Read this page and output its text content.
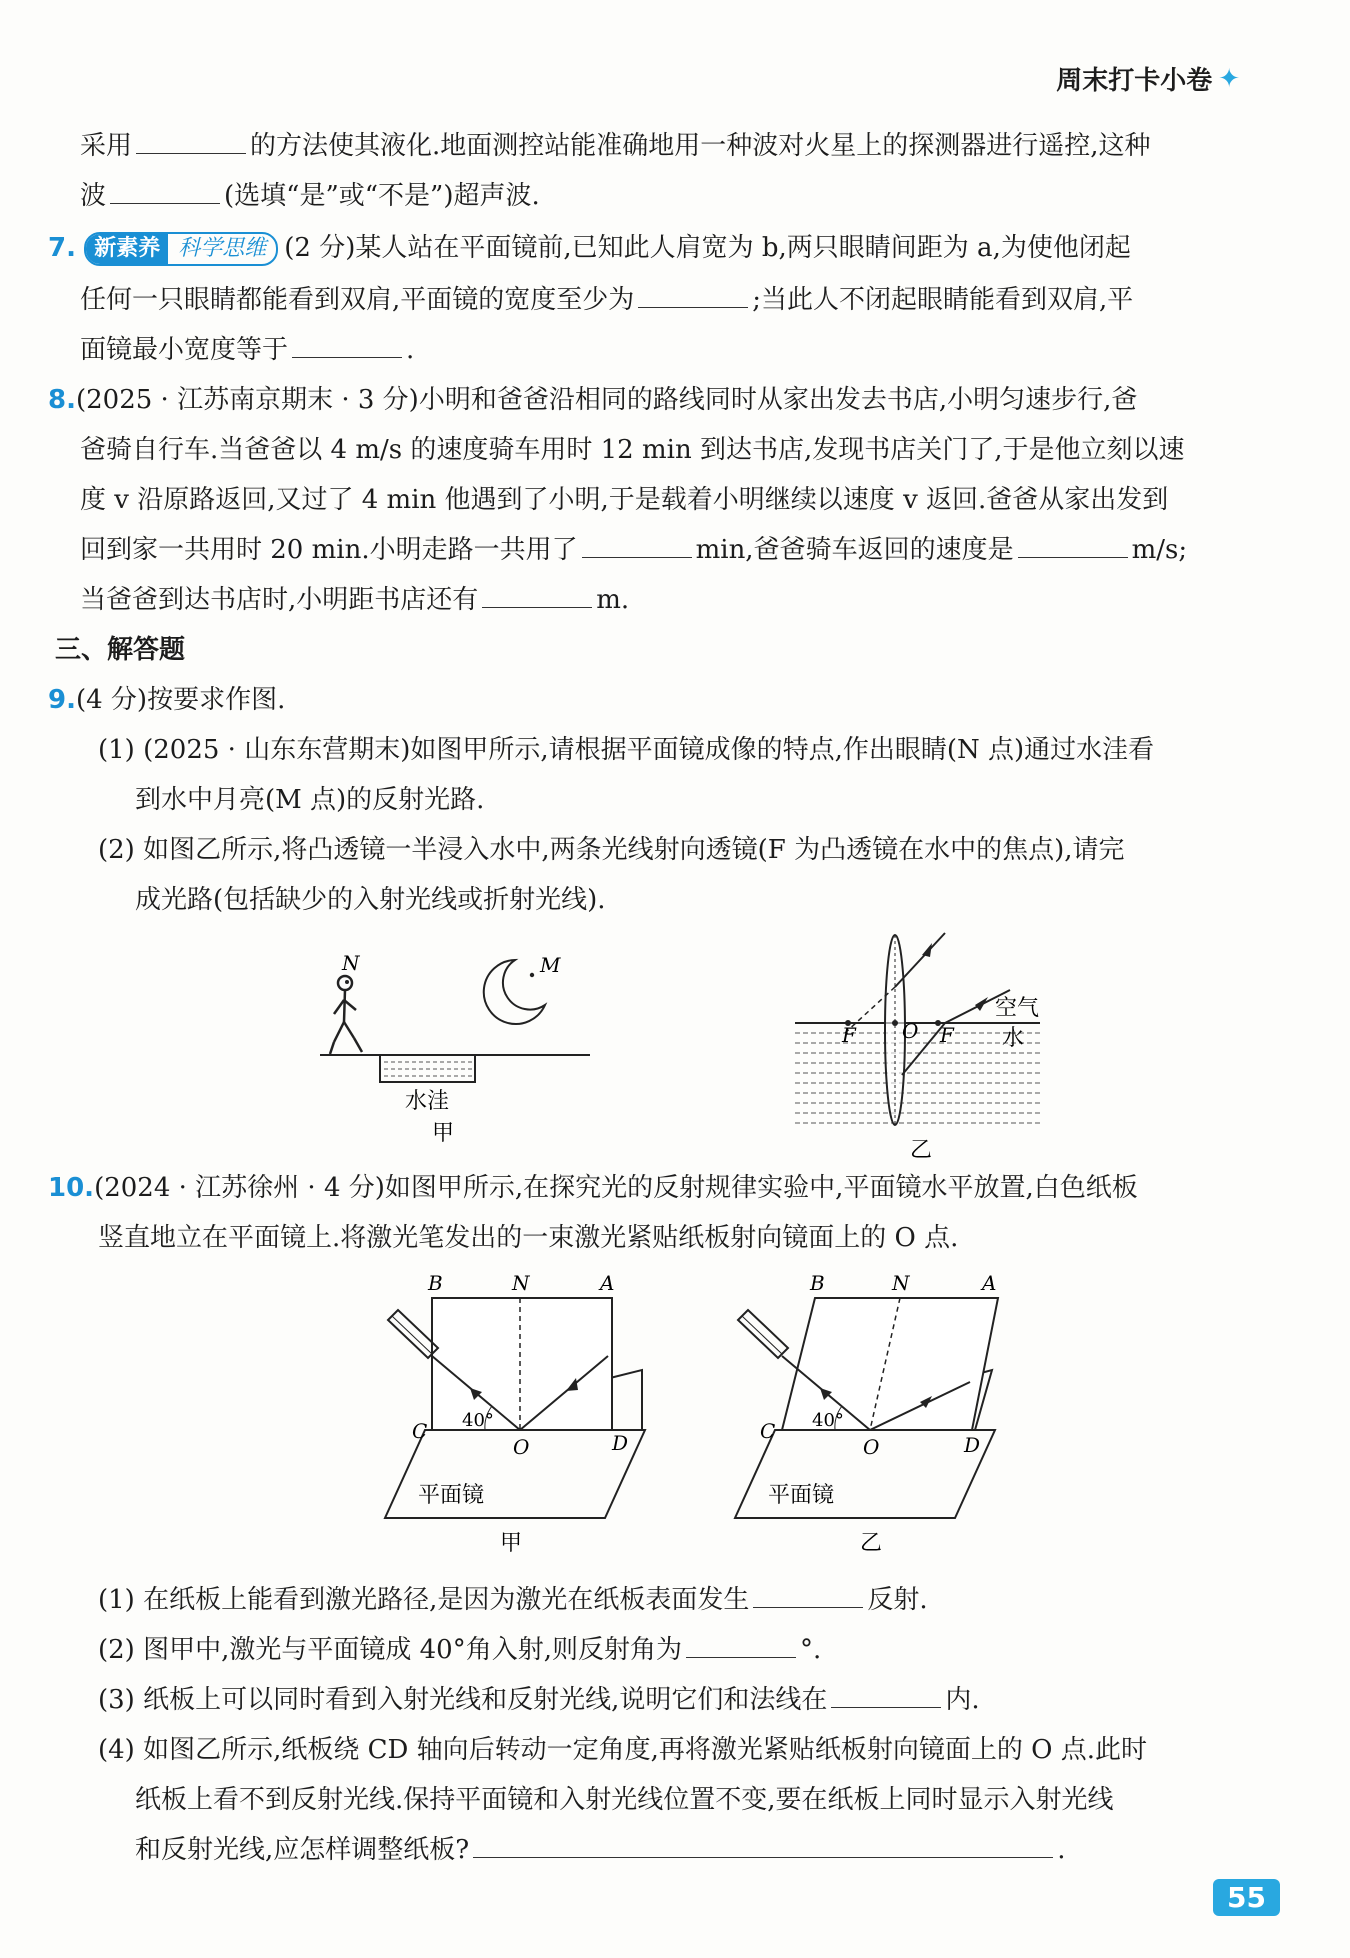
周末打卡小卷 ✦
采用	的方法使其液化.地面测控站能准确地用一种波对火星上的探测器进行遥控,这种
波	(选填“是”或“不是”)超声波.
7. 新素养 科学思维 (2 分)某人站在平面镜前,已知此人肩宽为 b,两只眼睛间距为 a,为使他闭起
任何一只眼睛都能看到双肩,平面镜的宽度至少为	;当此人不闭起眼睛能看到双肩,平
面镜最小宽度等于	.
8.(2025 · 江苏南京期末 · 3 分)小明和爸爸沿相同的路线同时从家出发去书店,小明匀速步行,爸
爸骑自行车.当爸爸以 4 m/s 的速度骑车用时 12 min 到达书店,发现书店关门了,于是他立刻以速
度 v 沿原路返回,又过了 4 min 他遇到了小明,于是载着小明继续以速度 v 返回.爸爸从家出发到
回到家一共用时 20 min.小明走路一共用了	min,爸爸骑车返回的速度是	m/s;
当爸爸到达书店时,小明距书店还有	m.
三、解答题
9.(4 分)按要求作图.
(1) (2025 · 山东东营期末)如图甲所示,请根据平面镜成像的特点,作出眼睛(N 点)通过水洼看
到水中月亮(M 点)的反射光路.
(2) 如图乙所示,将凸透镜一半浸入水中,两条光线射向透镜(F 为凸透镜在水中的焦点),请完
成光路(包括缺少的入射光线或折射光线).
N	M
水洼
甲
F O F
空气
水
乙
10.(2024 · 江苏徐州 · 4 分)如图甲所示,在探究光的反射规律实验中,平面镜水平放置,白色纸板
竖直地立在平面镜上.将激光笔发出的一束激光紧贴纸板射向镜面上的 O 点.
B	N	A
C	D
O
40°
平面镜
甲
B	N	A
C
D
O
40°
平面镜
乙
(1) 在纸板上能看到激光路径,是因为激光在纸板表面发生	反射.
(2) 图甲中,激光与平面镜成 40°角入射,则反射角为	°.
(3) 纸板上可以同时看到入射光线和反射光线,说明它们和法线在	内.
(4) 如图乙所示,纸板绕 CD 轴向后转动一定角度,再将激光紧贴纸板射向镜面上的 O 点.此时
纸板上看不到反射光线.保持平面镜和入射光线位置不变,要在纸板上同时显示入射光线
和反射光线,应怎样调整纸板?	.
55
